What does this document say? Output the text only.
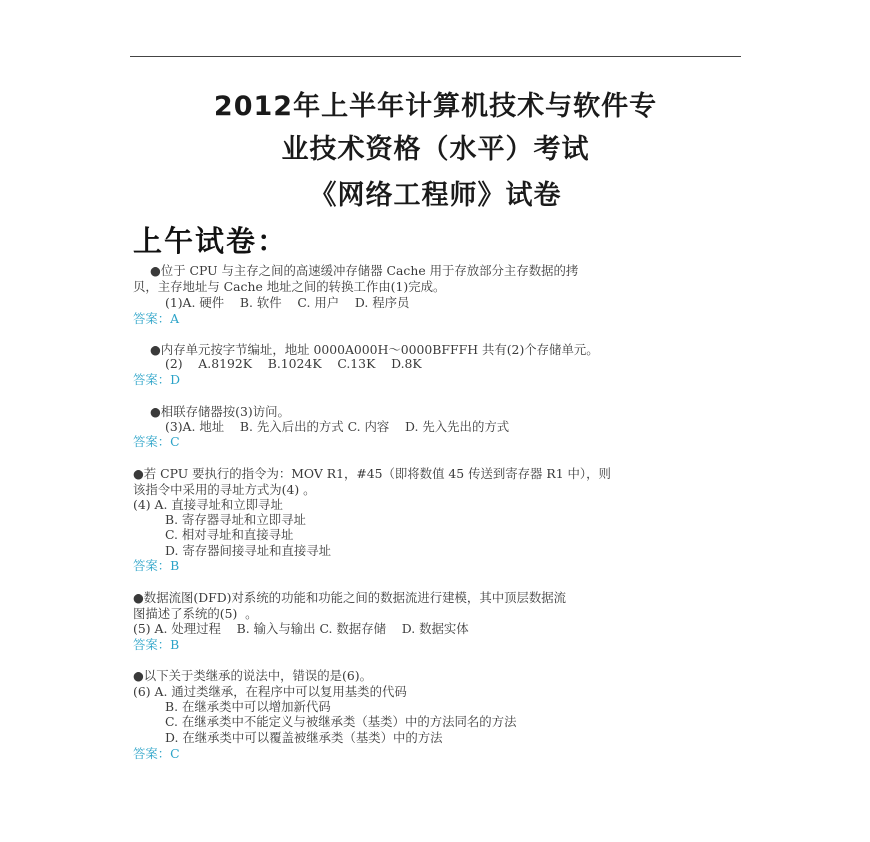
2012年上半年计算机技术与软件专
业技术资格（水平）考试
《网络工程师》试卷
上午试卷：
●位于 CPU 与主存之间的高速缓冲存储器 Cache 用于存放部分主存数据的拷
贝，主存地址与 Cache 地址之间的转换工作由(1)完成。
(1)A. 硬件    B. 软件    C. 用户    D. 程序员
答案：A
●内存单元按字节编址，地址 0000A000H～0000BFFFH 共有(2)个存储单元。
(2)    A.8192K    B.1024K    C.13K    D.8K
答案：D
●相联存储器按(3)访问。
(3)A. 地址    B. 先入后出的方式 C. 内容    D. 先入先出的方式
答案：C
●若 CPU 要执行的指令为：MOV R1，#45（即将数值 45 传送到寄存器 R1 中），则
该指令中采用的寻址方式为(4) 。
(4) A. 直接寻址和立即寻址
B. 寄存器寻址和立即寻址
C. 相对寻址和直接寻址
D. 寄存器间接寻址和直接寻址
答案：B
●数据流图(DFD)对系统的功能和功能之间的数据流进行建模，其中顶层数据流
图描述了系统的(5)  。
(5) A. 处理过程    B. 输入与输出 C. 数据存储    D. 数据实体
答案：B
●以下关于类继承的说法中，错误的是(6)。
(6) A. 通过类继承，在程序中可以复用基类的代码
B. 在继承类中可以增加新代码
C. 在继承类中不能定义与被继承类（基类）中的方法同名的方法
D. 在继承类中可以覆盖被继承类（基类）中的方法
答案：C
